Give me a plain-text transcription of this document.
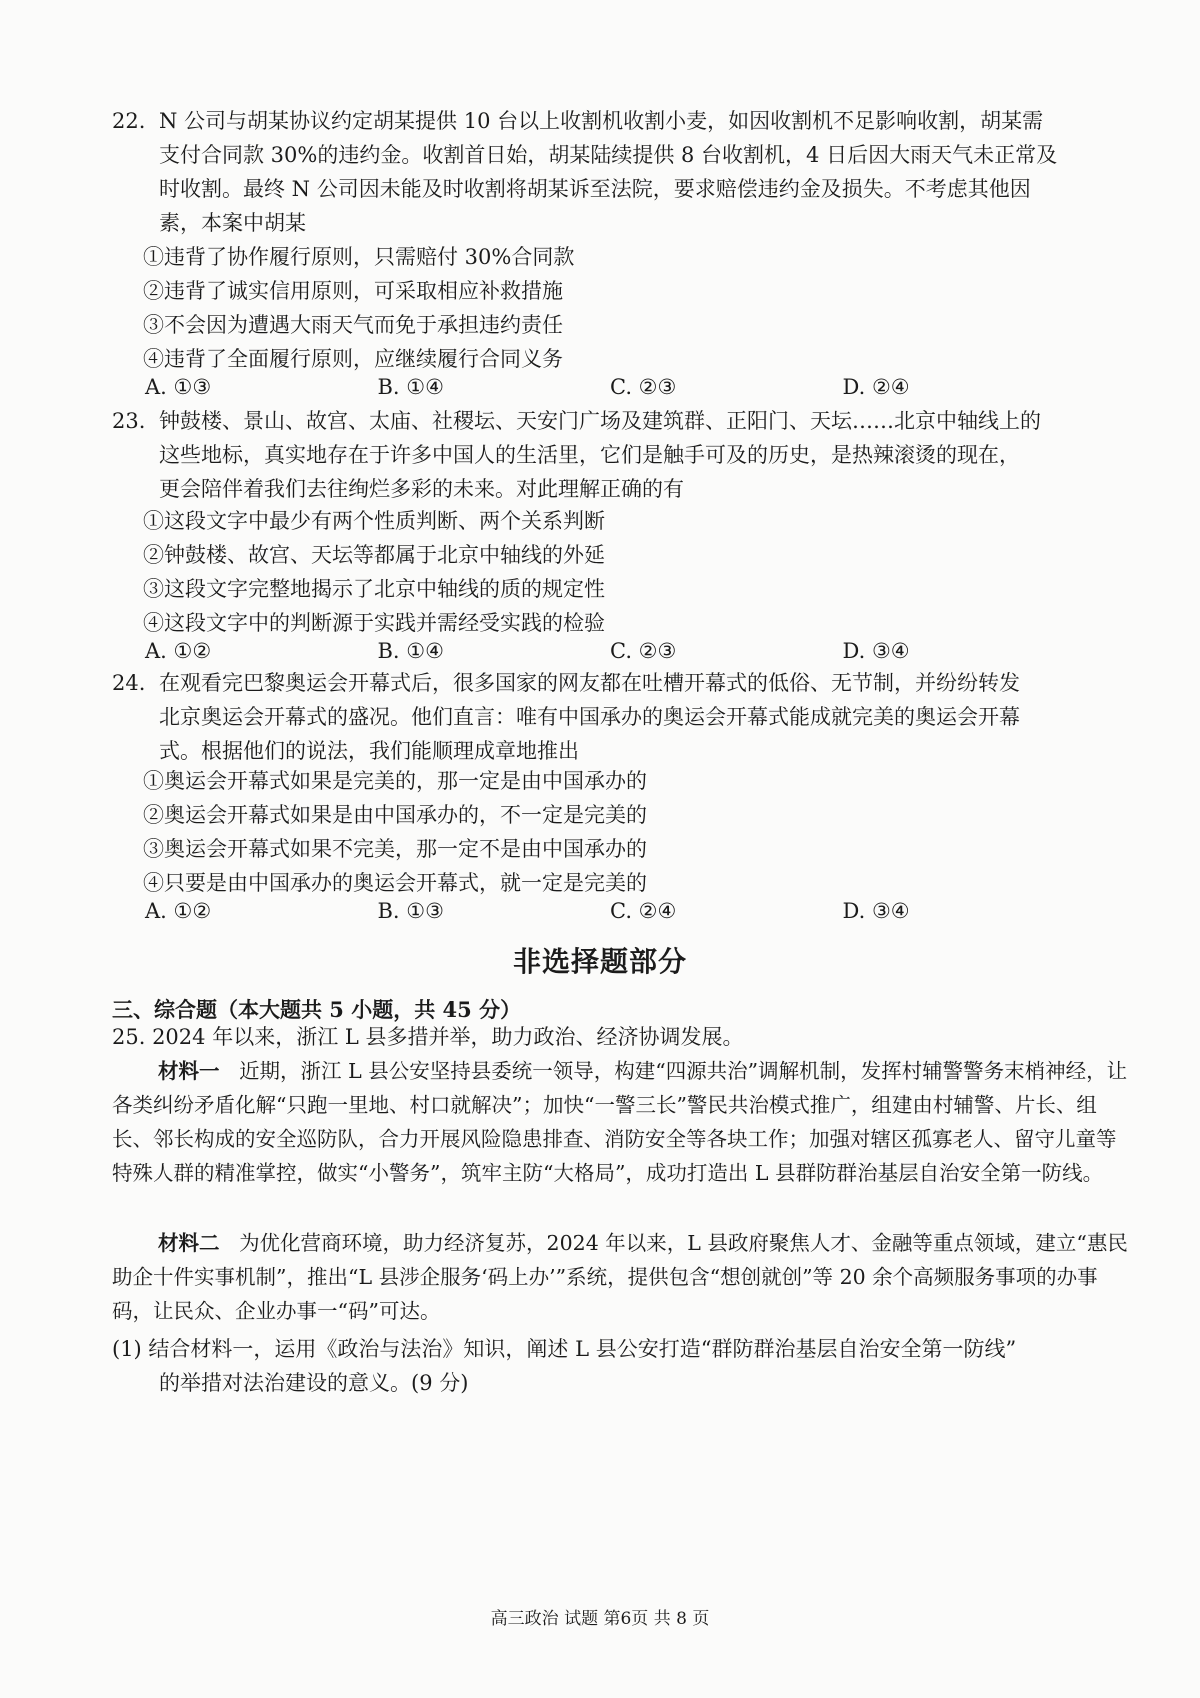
22. N 公司与胡某协议约定胡某提供 10 台以上收割机收割小麦，如因收割机不足影响收割，胡某需
支付合同款 30%的违约金。收割首日始，胡某陆续提供 8 台收割机，4 日后因大雨天气未正常及
时收割。最终 N 公司因未能及时收割将胡某诉至法院，要求赔偿违约金及损失。不考虑其他因
素，本案中胡某
①违背了协作履行原则，只需赔付 30%合同款
②违背了诚实信用原则，可采取相应补救措施
③不会因为遭遇大雨天气而免于承担违约责任
④违背了全面履行原则，应继续履行合同义务
A. ①③	B. ①④	C. ②③	D. ②④
23. 钟鼓楼、景山、故宫、太庙、社稷坛、天安门广场及建筑群、正阳门、天坛……北京中轴线上的
这些地标，真实地存在于许多中国人的生活里，它们是触手可及的历史，是热辣滚烫的现在，
更会陪伴着我们去往绚烂多彩的未来。对此理解正确的有
①这段文字中最少有两个性质判断、两个关系判断
②钟鼓楼、故宫、天坛等都属于北京中轴线的外延
③这段文字完整地揭示了北京中轴线的质的规定性
④这段文字中的判断源于实践并需经受实践的检验
A. ①②	B. ①④	C. ②③	D. ③④
24. 在观看完巴黎奥运会开幕式后，很多国家的网友都在吐槽开幕式的低俗、无节制，并纷纷转发
北京奥运会开幕式的盛况。他们直言：唯有中国承办的奥运会开幕式能成就完美的奥运会开幕
式。根据他们的说法，我们能顺理成章地推出
①奥运会开幕式如果是完美的，那一定是由中国承办的
②奥运会开幕式如果是由中国承办的，不一定是完美的
③奥运会开幕式如果不完美，那一定不是由中国承办的
④只要是由中国承办的奥运会开幕式，就一定是完美的
A. ①②	B. ①③	C. ②④	D. ③④
非选择题部分
三、综合题（本大题共 5 小题，共 45 分）
25. 2024 年以来，浙江 L 县多措并举，助力政治、经济协调发展。
材料一 近期，浙江 L 县公安坚持县委统一领导，构建“四源共治”调解机制，发挥村辅警警务末梢神经，让各类纠纷矛盾化解“只跑一里地、村口就解决”；加快“一警三长”警民共治模式推广，组建由村辅警、片长、组长、邻长构成的安全巡防队，合力开展风险隐患排查、消防安全等各块工作；加强对辖区孤寡老人、留守儿童等特殊人群的精准掌控，做实“小警务”，筑牢主防“大格局”，成功打造出 L 县群防群治基层自治安全第一防线。
材料二 为优化营商环境，助力经济复苏，2024 年以来，L 县政府聚焦人才、金融等重点领域，建立“惠民助企十件实事机制”，推出“L 县涉企服务‘码上办’”系统，提供包含“想创就创”等 20 余个高频服务事项的办事码，让民众、企业办事一“码”可达。
(1) 结合材料一，运用《政治与法治》知识，阐述 L 县公安打造“群防群治基层自治安全第一防线”
的举措对法治建设的意义。(9 分)
高三政治 试题 第6页 共 8 页
